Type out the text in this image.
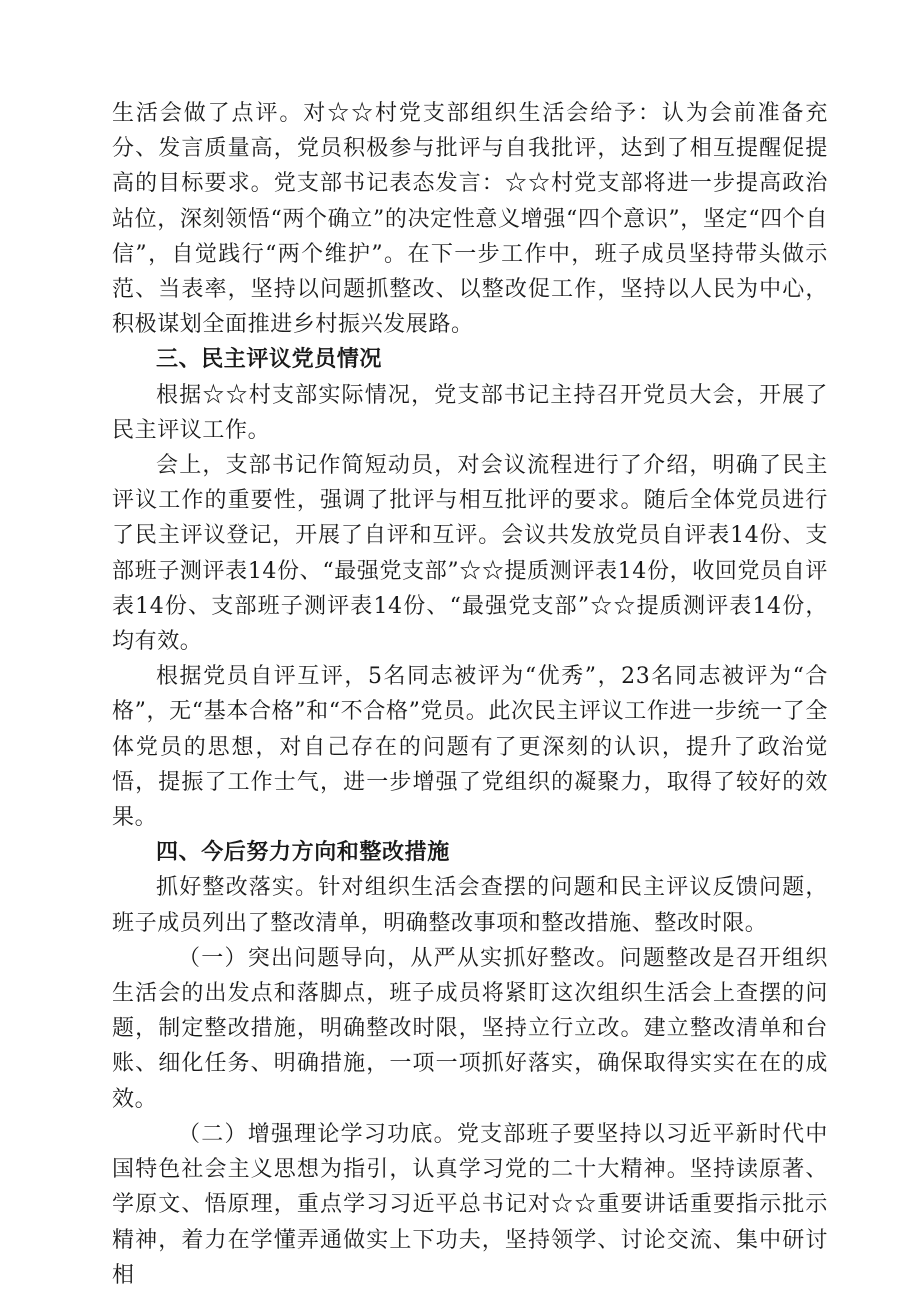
生活会做了点评。对☆☆村党支部组织生活会给予：认为会前准备充分、发言质量高，党员积极参与批评与自我批评，达到了相互提醒促提高的目标要求。党支部书记表态发言：☆☆村党支部将进一步提高政治站位，深刻领悟“两个确立”的决定性意义增强“四个意识”，坚定“四个自信”，自觉践行“两个维护”。在下一步工作中，班子成员坚持带头做示范、当表率，坚持以问题抓整改、以整改促工作，坚持以人民为中心，积极谋划全面推进乡村振兴发展路。

三、民主评议党员情况

根据☆☆村支部实际情况，党支部书记主持召开党员大会，开展了民主评议工作。

会上，支部书记作简短动员，对会议流程进行了介绍，明确了民主评议工作的重要性，强调了批评与相互批评的要求。随后全体党员进行了民主评议登记，开展了自评和互评。会议共发放党员自评表14份、支部班子测评表14份、“最强党支部”☆☆提质测评表14份，收回党员自评表14份、支部班子测评表14份、“最强党支部”☆☆提质测评表14份，均有效。

根据党员自评互评，5名同志被评为“优秀”，23名同志被评为“合格”，无“基本合格”和“不合格”党员。此次民主评议工作进一步统一了全体党员的思想，对自己存在的问题有了更深刻的认识，提升了政治觉悟，提振了工作士气，进一步增强了党组织的凝聚力，取得了较好的效果。

四、今后努力方向和整改措施

抓好整改落实。针对组织生活会查摆的问题和民主评议反馈问题，班子成员列出了整改清单，明确整改事项和整改措施、整改时限。

（一）突出问题导向，从严从实抓好整改。问题整改是召开组织生活会的出发点和落脚点，班子成员将紧盯这次组织生活会上查摆的问题，制定整改措施，明确整改时限，坚持立行立改。建立整改清单和台账、细化任务、明确措施，一项一项抓好落实，确保取得实实在在的成效。

（二）增强理论学习功底。党支部班子要坚持以习近平新时代中国特色社会主义思想为指引，认真学习党的二十大精神。坚持读原著、学原文、悟原理，重点学习习近平总书记对☆☆重要讲话重要指示批示精神，着力在学懂弄通做实上下功夫，坚持领学、讨论交流、集中研讨相
